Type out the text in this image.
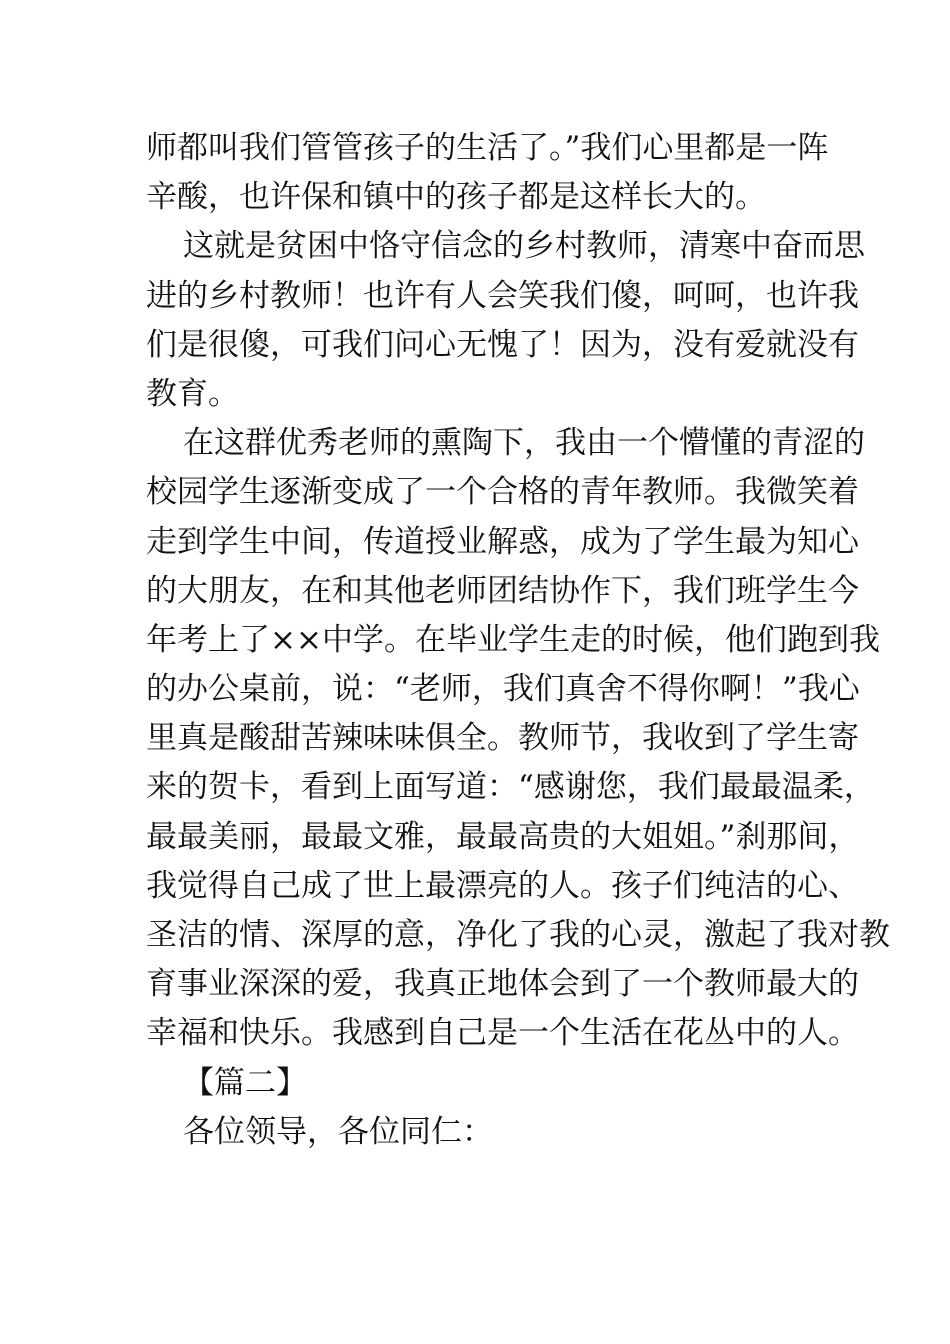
师都叫我们管管孩子的生活了。”我们心里都是一阵
辛酸，也许保和镇中的孩子都是这样长大的。
这就是贫困中恪守信念的乡村教师，清寒中奋而思
进的乡村教师！也许有人会笑我们傻，呵呵，也许我
们是很傻，可我们问心无愧了！因为，没有爱就没有
教育。
在这群优秀老师的熏陶下，我由一个懵懂的青涩的
校园学生逐渐变成了一个合格的青年教师。我微笑着
走到学生中间，传道授业解惑，成为了学生最为知心
的大朋友，在和其他老师团结协作下，我们班学生今
年考上了××中学。在毕业学生走的时候，他们跑到我
的办公桌前，说：“老师，我们真舍不得你啊！”我心
里真是酸甜苦辣味味俱全。教师节，我收到了学生寄
来的贺卡，看到上面写道：“感谢您，我们最最温柔，
最最美丽，最最文雅，最最高贵的大姐姐。”刹那间，
我觉得自己成了世上最漂亮的人。孩子们纯洁的心、
圣洁的情、深厚的意，净化了我的心灵，激起了我对教
育事业深深的爱，我真正地体会到了一个教师最大的
幸福和快乐。我感到自己是一个生活在花丛中的人。
【篇二】
各位领导，各位同仁：
